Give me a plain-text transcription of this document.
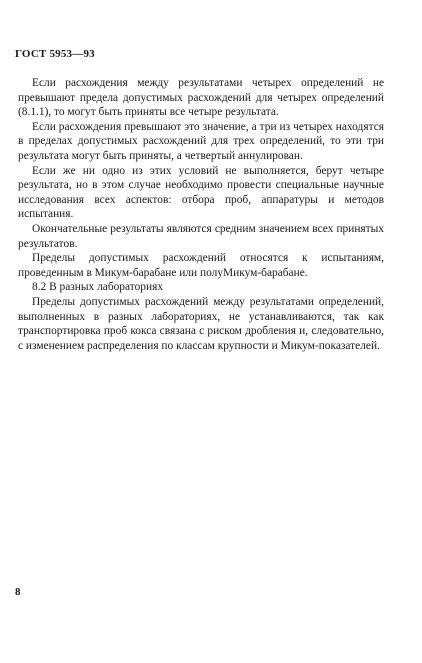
ГОСТ 5953—93

Если расхождения между результатами четырех определений не превышают предела допустимых расхождений для четырех определений (8.1.1), то могут быть приняты все четыре результата.

Если расхождения превышают это значение, а три из четырех находятся в пределах допустимых расхождений для трех определений, то эти три результата могут быть приняты, а четвертый аннулирован.

Если же ни одно из этих условий не выполняется, берут четыре результата, но в этом случае необходимо провести специальные научные исследования всех аспектов: отбора проб, аппаратуры и методов испытания.

Окончательные результаты являются средним значением всех принятых результатов.

Пределы допустимых расхождений относятся к испытаниям, проведенным в Микум-барабане или полуМикум-барабане.

8.2 В разных лабораториях

Пределы допустимых расхождений между результатами определений, выполненных в разных лабораториях, не устанавливаются, так как транспортировка проб кокса связана с риском дробления и, следовательно, с изменением распределения по классам крупности и Микум-показателей.

8
